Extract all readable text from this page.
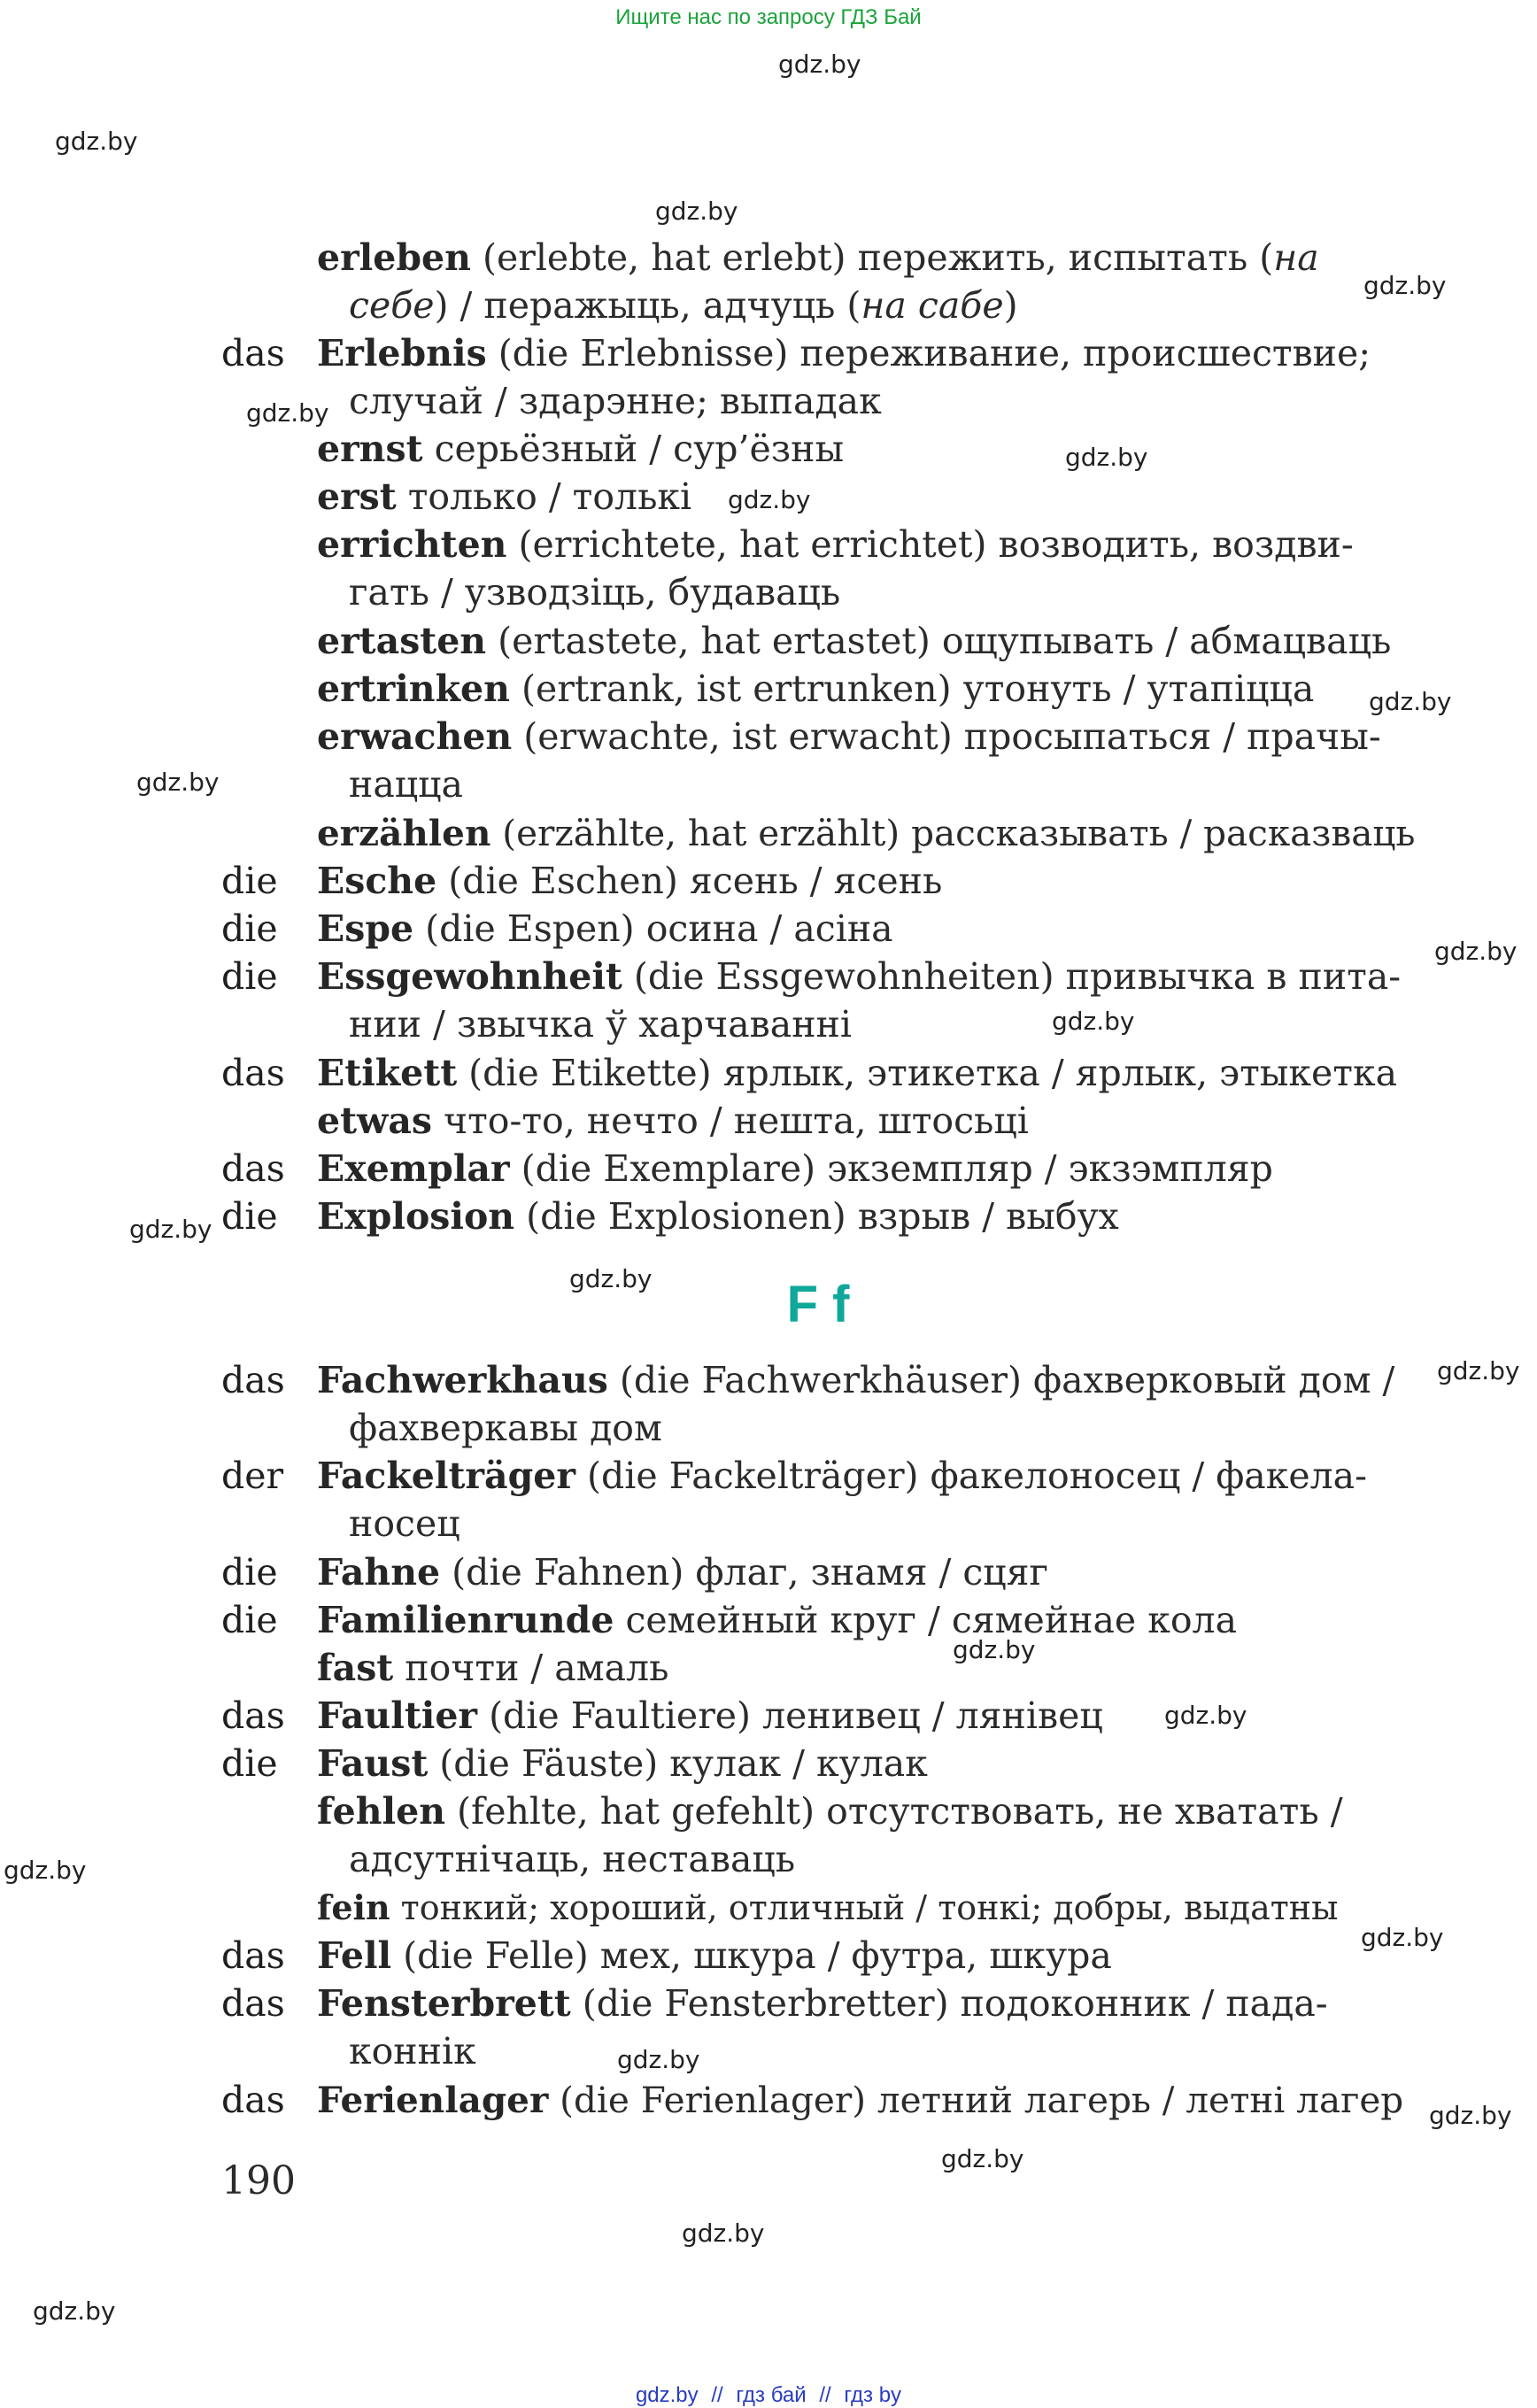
Ищите нас по запросу ГДЗ Бай
gdz.by
gdz.by
gdz.by
gdz.by
gdz.by
gdz.by
gdz.by
gdz.by
gdz.by
gdz.by
gdz.by
gdz.by
gdz.by
gdz.by
gdz.by
gdz.by
gdz.by
gdz.by
gdz.by
gdz.by
gdz.by
gdz.by
gdz.by
erleben (erlebte, hat erlebt) пережить, испытать (на
себе) / перажыць, адчуць (на сабе)
das Erlebnis (die Erlebnisse) переживание, происшествие;
случай / здарэнне; выпадак
ernst серьёзный / сур’ёзны
erst только / толькі
errichten (errichtete, hat errichtet) возводить, воздви-
гать / узводзіць, будаваць
ertasten (ertastete, hat ertastet) ощупывать / абмацваць
ertrinken (ertrank, ist ertrunken) утонуть / утапіцца
erwachen (erwachte, ist erwacht) просыпаться / прачы-
нацца
erzählen (erzählte, hat erzählt) рассказывать / расказваць
die Esche (die Eschen) ясень / ясень
die Espe (die Espen) осина / асіна
die Essgewohnheit (die Essgewohnheiten) привычка в пита-
нии / звычка ў харчаванні
das Etikett (die Etikette) ярлык, этикетка / ярлык, этыкетка
etwas что-то, нечто / нешта, штосьці
das Exemplar (die Exemplare) экземпляр / экзэмпляр
die Explosion (die Explosionen) взрыв / выбух
F f
das Fachwerkhaus (die Fachwerkhäuser) фахверковый дом /
фахверкавы дом
der Fackelträger (die Fackelträger) факелоносец / факела-
носец
die Fahne (die Fahnen) флаг, знамя / сцяг
die Familienrunde семейный круг / сямейнае кола
fast почти / амаль
das Faultier (die Faultiere) ленивец / лянівец
die Faust (die Fäuste) кулак / кулак
fehlen (fehlte, hat gefehlt) отсутствовать, не хватать /
адсутнічаць, неставаць
fein тонкий; хороший, отличный / тонкі; добры, выдатны
das Fell (die Felle) мех, шкура / футра, шкура
das Fensterbrett (die Fensterbretter) подоконник / пада-
коннік
das Ferienlager (die Ferienlager) летний лагерь / летні лагер
190
gdz.by // гдз бай // гдз by
